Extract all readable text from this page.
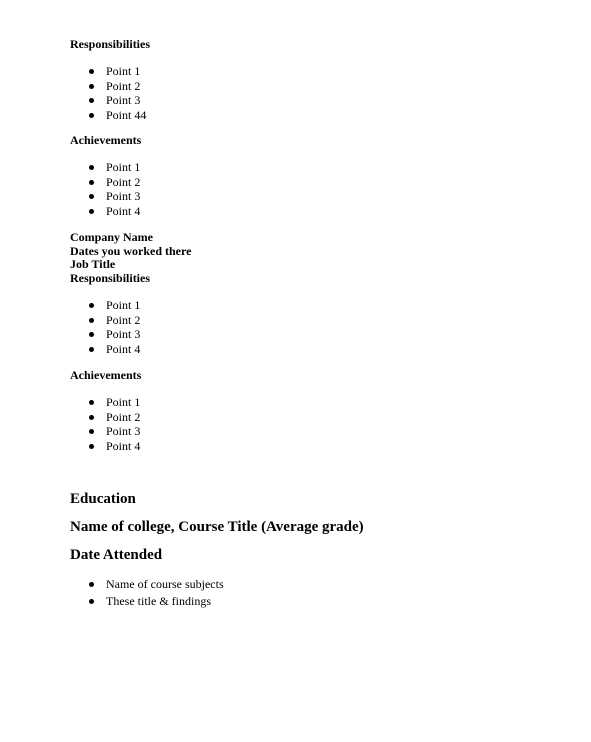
Responsibilities
Point 1
Point 2
Point 3
Point 44
Achievements
Point 1
Point 2
Point 3
Point 4
Company Name
Dates you worked there
Job Title
Responsibilities
Point 1
Point 2
Point 3
Point 4
Achievements
Point 1
Point 2
Point 3
Point 4
Education
Name of college, Course Title (Average grade)
Date Attended
Name of course subjects
These title & findings
